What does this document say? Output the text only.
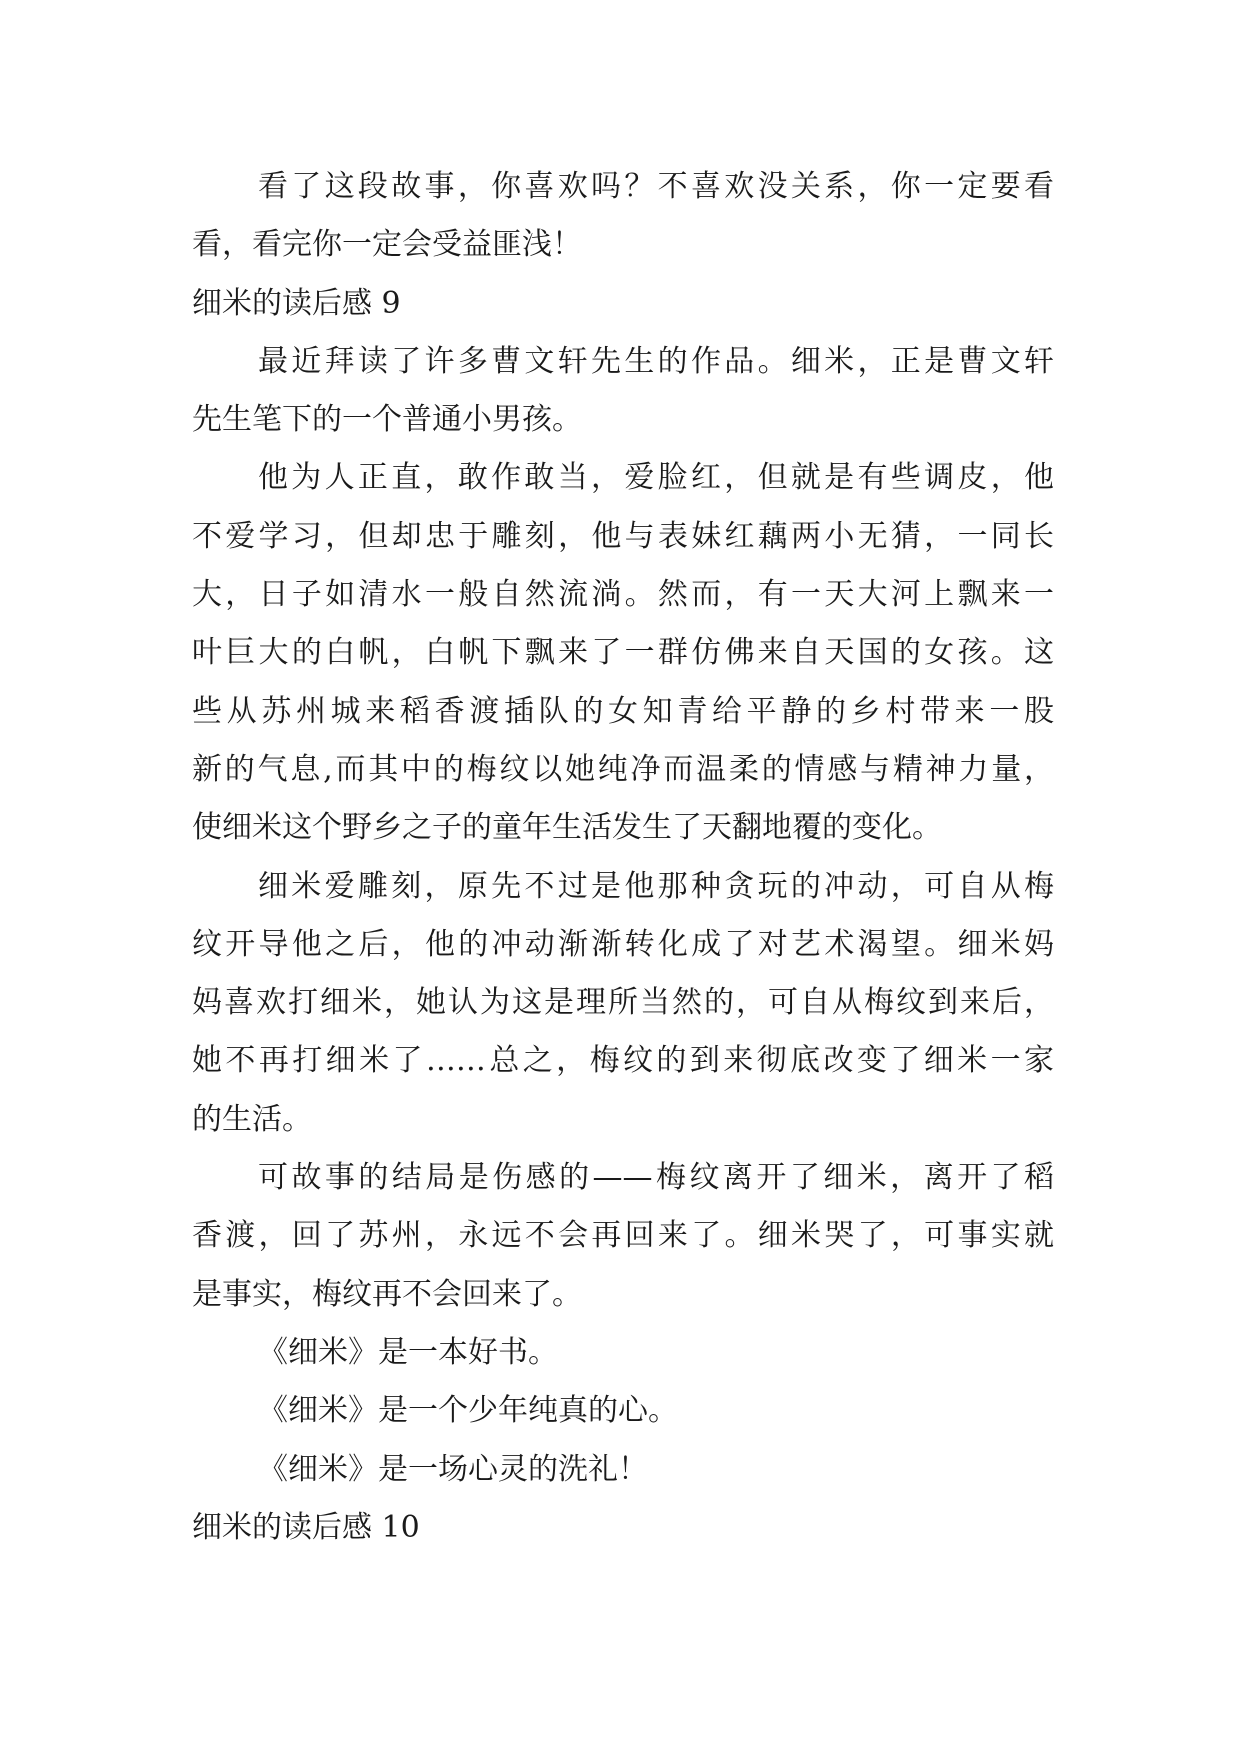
看了这段故事，你喜欢吗？不喜欢没关系，你一定要看
看，看完你一定会受益匪浅！
细米的读后感 9
最近拜读了许多曹文轩先生的作品。细米，正是曹文轩
先生笔下的一个普通小男孩。
他为人正直，敢作敢当，爱脸红，但就是有些调皮，他
不爱学习，但却忠于雕刻，他与表妹红藕两小无猜，一同长
大，日子如清水一般自然流淌。然而，有一天大河上飘来一
叶巨大的白帆，白帆下飘来了一群仿佛来自天国的女孩。这
些从苏州城来稻香渡插队的女知青给平静的乡村带来一股
新的气息,而其中的梅纹以她纯净而温柔的情感与精神力量，
使细米这个野乡之子的童年生活发生了天翻地覆的变化。
细米爱雕刻，原先不过是他那种贪玩的冲动，可自从梅
纹开导他之后，他的冲动渐渐转化成了对艺术渴望。细米妈
妈喜欢打细米，她认为这是理所当然的，可自从梅纹到来后，
她不再打细米了……总之，梅纹的到来彻底改变了细米一家
的生活。
可故事的结局是伤感的——梅纹离开了细米，离开了稻
香渡，回了苏州，永远不会再回来了。细米哭了，可事实就
是事实，梅纹再不会回来了。
《细米》是一本好书。
《细米》是一个少年纯真的心。
《细米》是一场心灵的洗礼！
细米的读后感 10
